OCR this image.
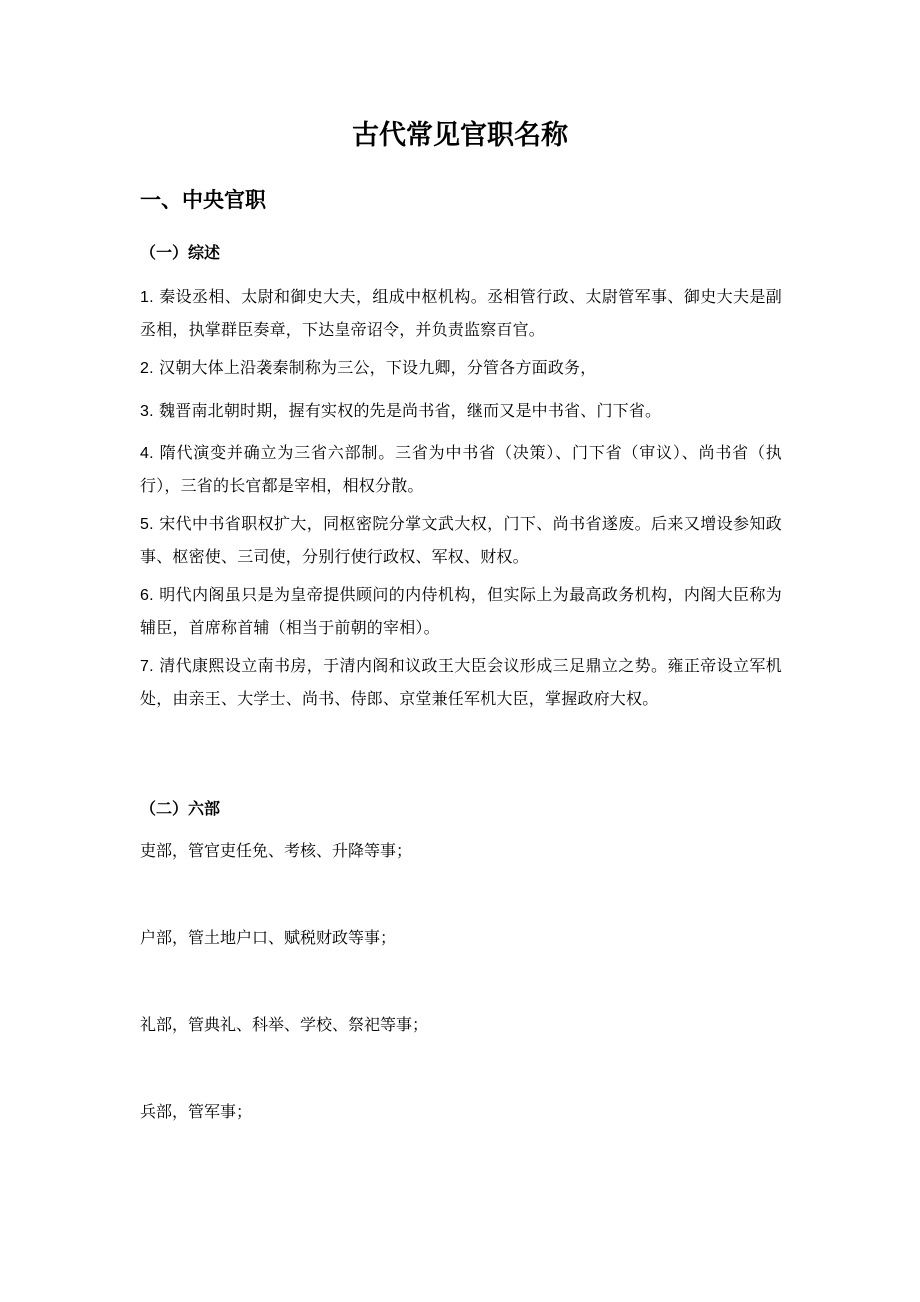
古代常见官职名称
一、中央官职
（一）综述

1. 秦设丞相、太尉和御史大夫，组成中枢机构。丞相管行政、太尉管军事、御史大夫是副丞相，执掌群臣奏章，下达皇帝诏令，并负责监察百官。

2. 汉朝大体上沿袭秦制称为三公，下设九卿，分管各方面政务，

3. 魏晋南北朝时期，握有实权的先是尚书省，继而又是中书省、门下省。

4. 隋代演变并确立为三省六部制。三省为中书省（决策）、门下省（审议）、尚书省（执行），三省的长官都是宰相，相权分散。

5. 宋代中书省职权扩大，同枢密院分掌文武大权，门下、尚书省遂废。后来又增设参知政事、枢密使、三司使，分别行使行政权、军权、财权。

6. 明代内阁虽只是为皇帝提供顾问的内侍机构，但实际上为最高政务机构，内阁大臣称为辅臣，首席称首辅（相当于前朝的宰相）。

7. 清代康熙设立南书房，于清内阁和议政王大臣会议形成三足鼎立之势。雍正帝设立军机处，由亲王、大学士、尚书、侍郎、京堂兼任军机大臣，掌握政府大权。

（二）六部

吏部，管官吏任免、考核、升降等事；

户部，管土地户口、赋税财政等事；

礼部，管典礼、科举、学校、祭祀等事；

兵部，管军事；
